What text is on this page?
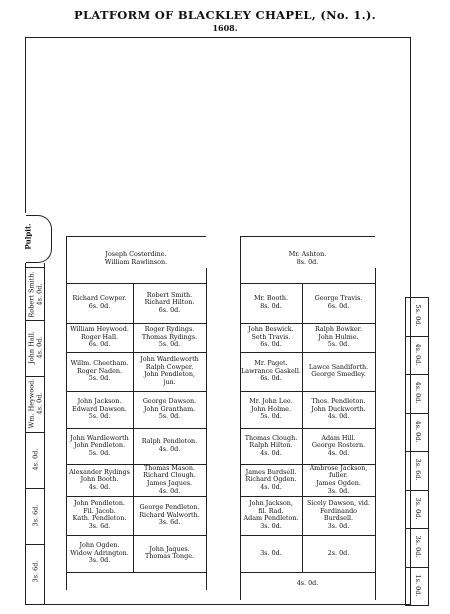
PLATFORM OF BLACKLEY CHAPEL, (No. 1.).
1608.
Pulpit.
Robert Smith. 4s. 0d.
John Hall. 4s. 0d.
Wm. Heywood. 4s. 0d.
4s. 0d.
3s. 6d.
3s. 6d.
5s. 0d.
4s. 0d.
4s. 0d.
4s. 0d.
3s. 6d.
3s. 0d.
3s. 0d.
1s. 0d.
Joseph Costerdine.
William Rawlinson.
Richard Cowper.
6s. 0d.
Robert Smith.
Richard Hilton.
6s. 0d.
William Heywood.
Roger Hall.
6s. 0d.
Roger Rydings.
Thomas Rydings.
5s. 0d.
Willm. Cheetham.
Roger Naden.
5s. 0d.
John Wardleworth
Ralph Cowper.
John Pendleton,
jun.
John Jackson.
Edward Dawson.
5s. 0d.
George Dawson.
John Grantham.
5s. 0d.
John Wardleworth
John Pendleton.
5s. 0d.
Ralph Pendleton.
4s. 0d.
Alexander Rydings
John Booth.
4s. 0d.
Thomas Mason.
Richard Clough.
James Jaques.
4s. 0d.
John Pendleton.
Fil. Jacob.
Kath. Pendleton.
3s. 6d.
George Pendleton.
Richard Walworth.
3s. 6d.
John Ogden.
Widow Adrington.
3s. 0d.
John Jaques.
Thomas Tonge.
Mr. Ashton.
8s. 0d.
Mr. Booth.
8s. 0d.
George Travis.
6s. 0d.
John Beswick.
Seth Travis.
6s. 0d.
Ralph Bowker.
John Hulme.
5s. 0d.
Mr. Paget.
Lawrance Gaskell.
6s. 0d.
Lawce Sandiforth.
George Smedley.
Mr. John Lee.
John Holme.
5s. 0d.
Thos. Pendleton.
John Duckworth.
4s. 0d.
Thomas Clough.
Ralph Hilton.
4s. 0d.
Adam Hill.
George Rostern.
4s. 0d.
James Burdsell.
Richard Ogden.
4s. 0d.
Ambrose Jackson,
fuller.
James Ogden.
3s. 0d.
John Jackson,
fil. Rad.
Adam Pendleton.
3s. 0d.
Sicely Dawson, vid.
Ferdinando
Burdsell.
3s. 0d.
3s. 0d.	2s. 0d.
4s. 0d.
